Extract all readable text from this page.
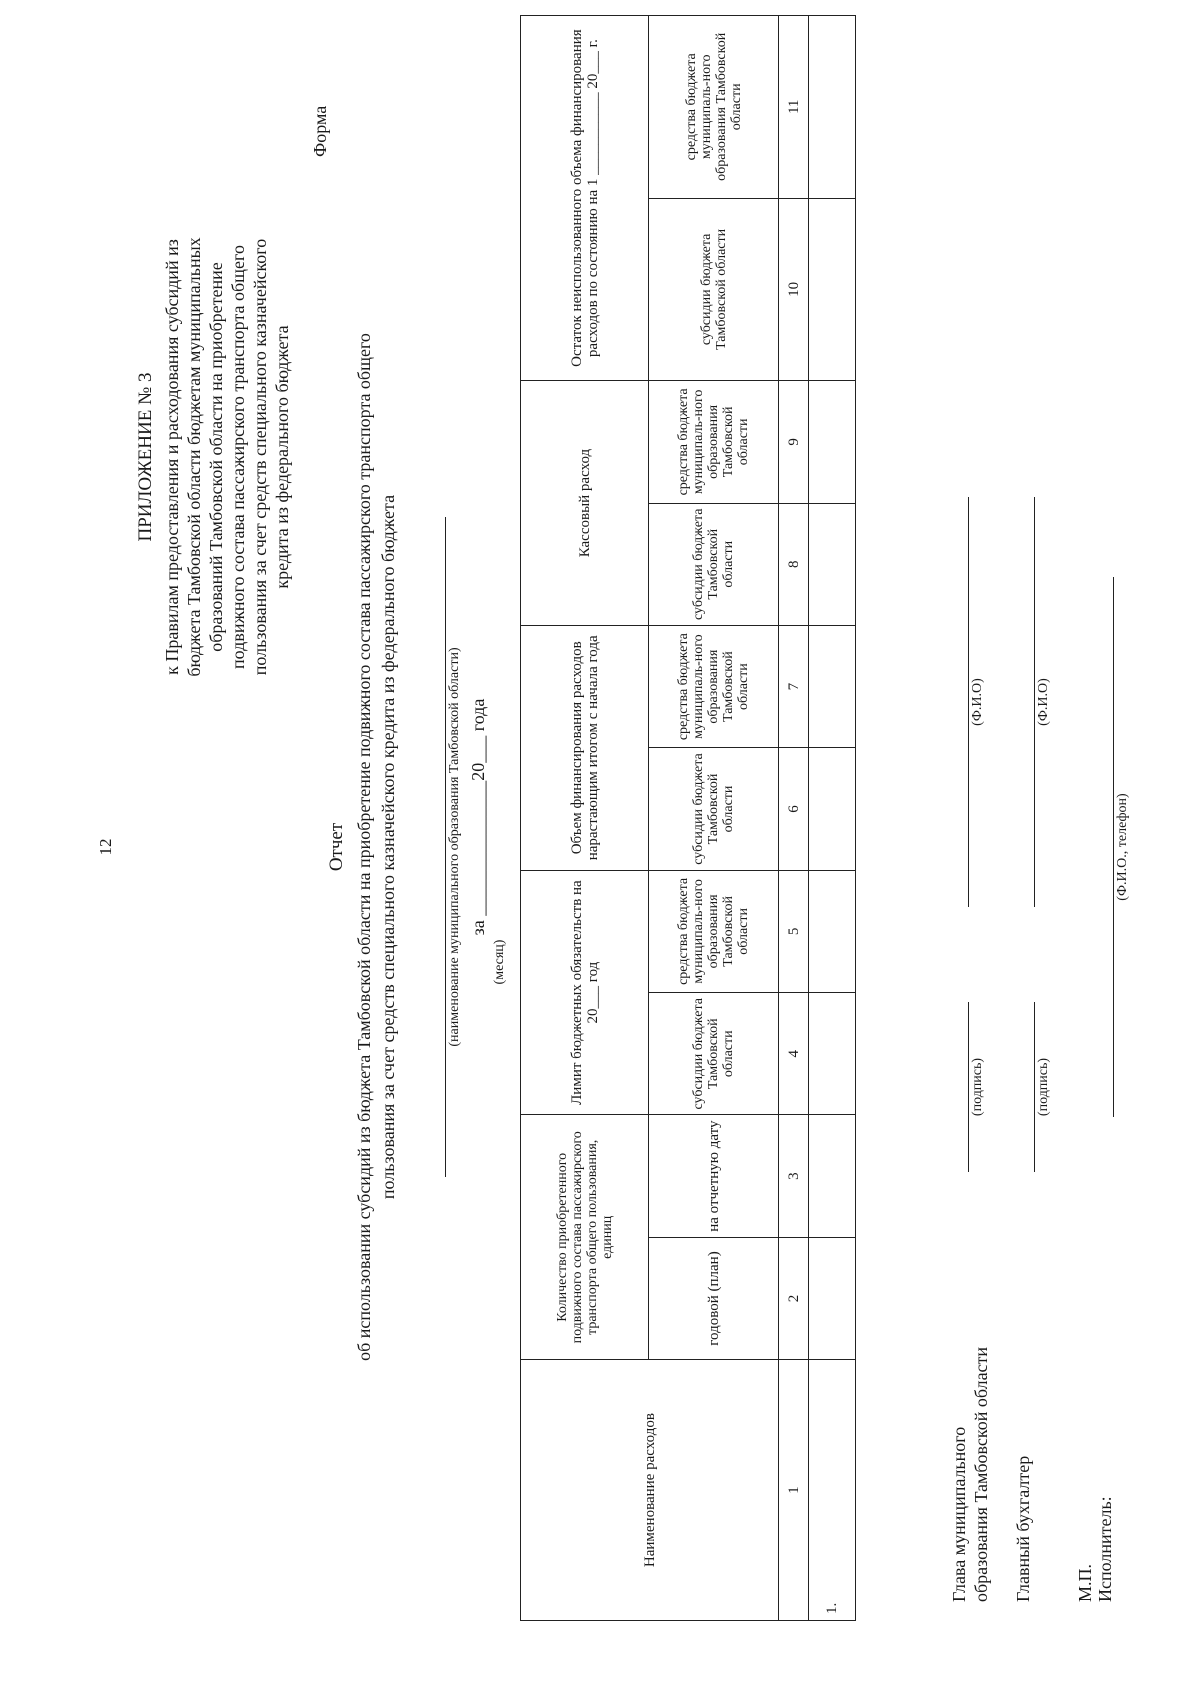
12
ПРИЛОЖЕНИЕ № 3 к Правилам предоставления и расходования субсидий из бюджета Тамбовской области бюджетам муниципальных образований Тамбовской области на приобретение подвижного состава пассажирского транспорта общего пользования за счет средств специального казначейского кредита из федерального бюджета
Форма
Отчет об использовании субсидий из бюджета Тамбовской области на приобретение подвижного состава пассажирского транспорта общего пользования за счет средств специального казначейского кредита из федерального бюджета	(наименование муниципального образования Тамбовской области) за _______________20___ года
(месяц)
Наименование расходов	Количество приобретенного подвижного состава пассажирского транспорта общего пользования, единиц		Лимит бюджетных обязательств на 20___ год		Объем финансирования расходов нарастающим итогом с начала года		Кассовый расход		Остаток неиспользованного объема финансирования расходов по состоянию на 1 ___________ 20___ г.	
	годовой (план)	на отчетную дату	субсидии бюджета Тамбовской области	средства бюджета муниципаль-ного образования Тамбовской области	субсидии бюджета Тамбовской области	средства бюджета муниципаль-ного образования Тамбовской области	субсидии бюджета Тамбовской области	средства бюджета муниципаль-ного образования Тамбовской области	субсидии бюджета Тамбовской области	средства бюджета муниципаль-ного образования Тамбовской области
1	2	3	4	5	6	7	8	9	10	11
1.										
Глава муниципального образования Тамбовской области
(подпись)
(Ф.И.О)
Главный бухгалтер
(подпись)
(Ф.И.О)
М.П. Исполнитель:
(Ф.И.О., телефон)
